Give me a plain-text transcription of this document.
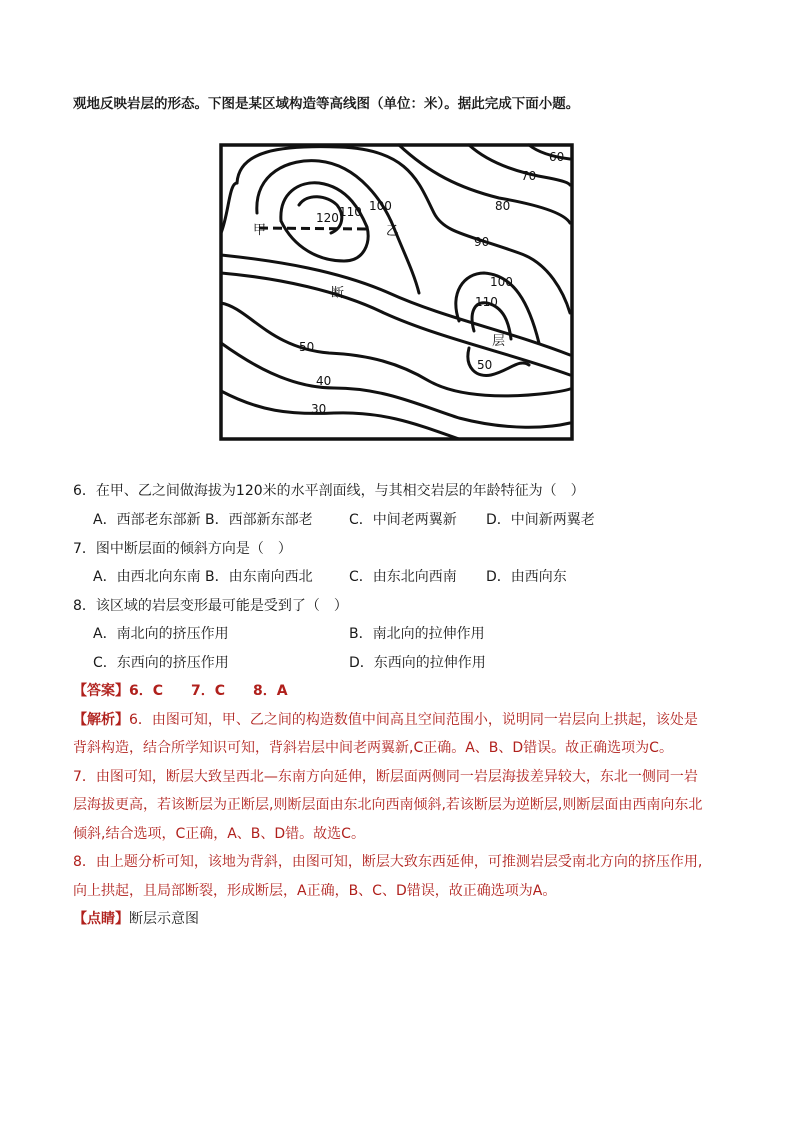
观地反映岩层的形态。下图是某区域构造等高线图（单位：米）。据此完成下面小题。
60
70
80
90
100
110
120
110
100
50
50
40
30
甲	乙
断
层
6．在甲、乙之间做海拔为120米的水平剖面线，与其相交岩层的年龄特征为（　）
A．西部老东部新 B．西部新东部老	C．中间老两翼新 D．中间新两翼老
7．图中断层面的倾斜方向是（　）
A．由西北向东南 B．由东南向西北	C．由东北向西南 D．由西向东
8．该区域的岩层变形最可能是受到了（　）
A．南北向的挤压作用	B．南北向的拉伸作用
C．东西向的挤压作用	D．东西向的拉伸作用
【答案】6．C　　7．C　　8．A
【解析】6．由图可知，甲、乙之间的构造数值中间高且空间范围小，说明同一岩层向上拱起，该处是
背斜构造，结合所学知识可知，背斜岩层中间老两翼新,C正确。A、B、D错误。故正确选项为C。
7．由图可知，断层大致呈西北—东南方向延伸，断层面两侧同一岩层海拔差异较大，东北一侧同一岩
层海拔更高，若该断层为正断层,则断层面由东北向西南倾斜,若该断层为逆断层,则断层面由西南向东北
倾斜,结合选项，C正确，A、B、D错。故选C。
8．由上题分析可知，该地为背斜，由图可知，断层大致东西延伸，可推测岩层受南北方向的挤压作用,
向上拱起，且局部断裂，形成断层，A正确，B、C、D错误，故正确选项为A。
【点睛】断层示意图
